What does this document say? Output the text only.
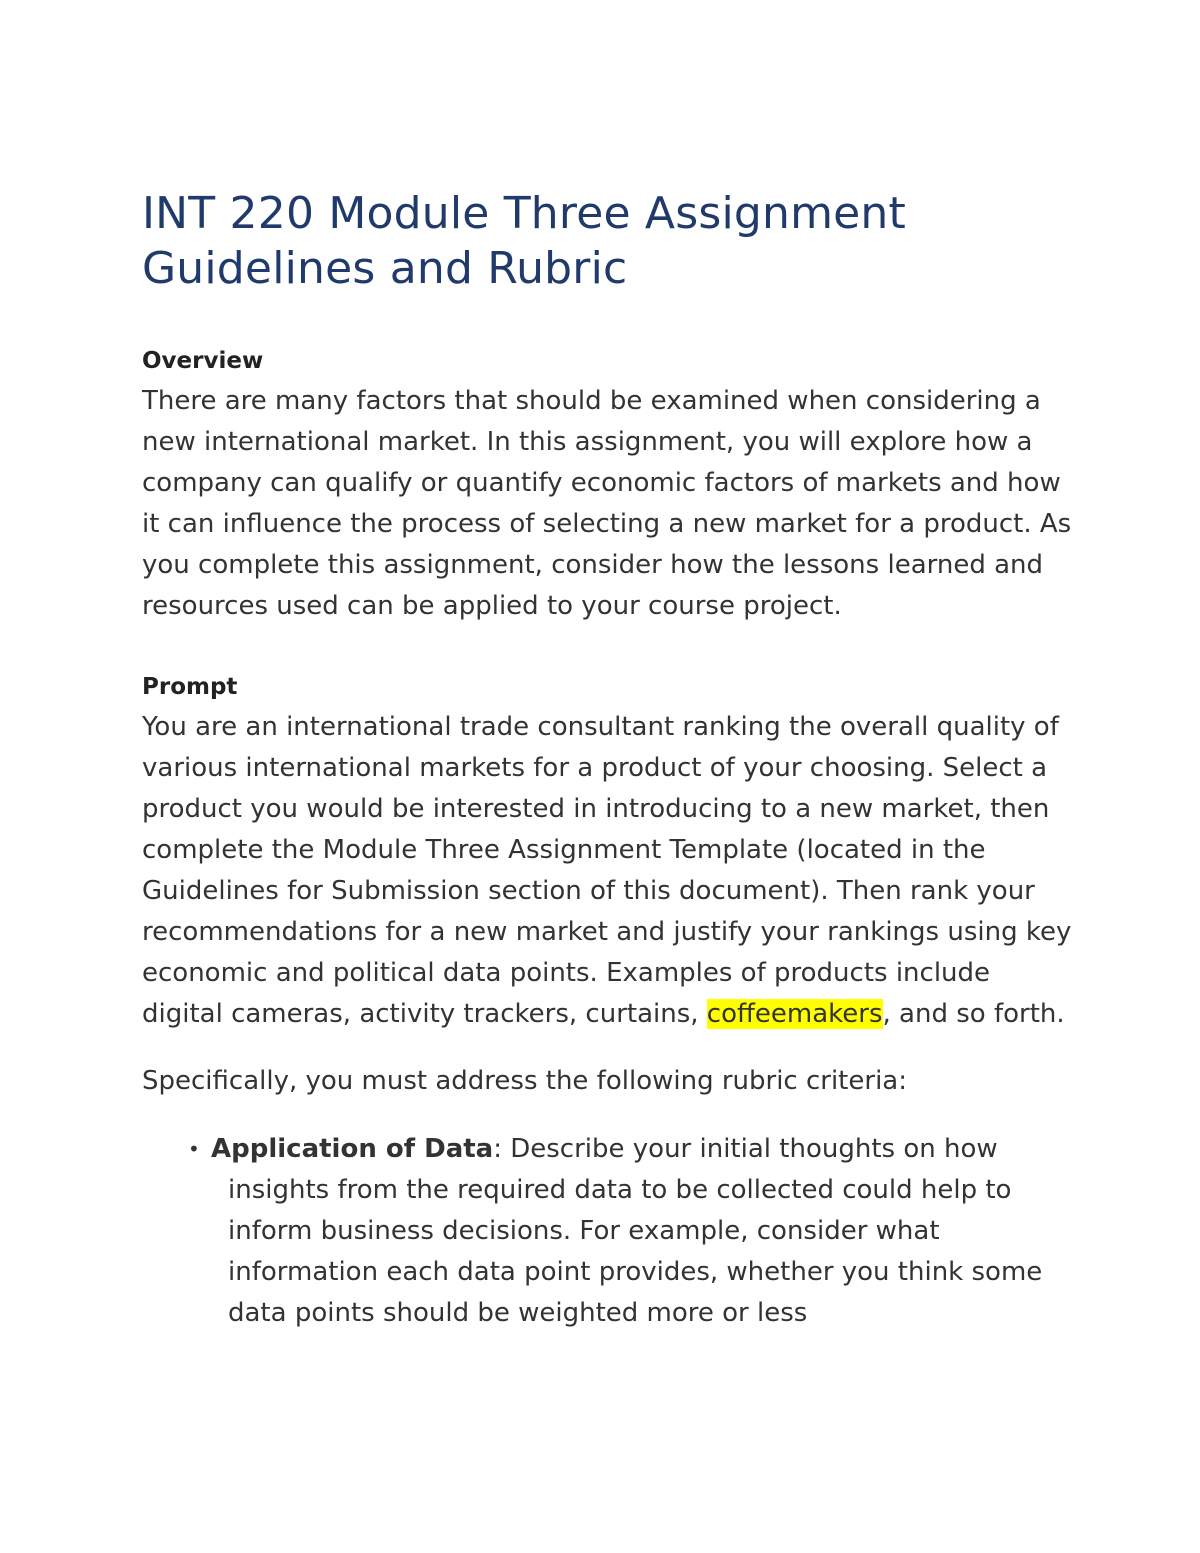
INT 220 Module Three Assignment Guidelines and Rubric

Overview

There are many factors that should be examined when considering a new international market. In this assignment, you will explore how a company can qualify or quantify economic factors of markets and how it can influence the process of selecting a new market for a product. As you complete this assignment, consider how the lessons learned and resources used can be applied to your course project.

Prompt

You are an international trade consultant ranking the overall quality of various international markets for a product of your choosing. Select a product you would be interested in introducing to a new market, then complete the Module Three Assignment Template (located in the Guidelines for Submission section of this document). Then rank your recommendations for a new market and justify your rankings using key economic and political data points. Examples of products include digital cameras, activity trackers, curtains, coffeemakers, and so forth.

Specifically, you must address the following rubric criteria:

• Application of Data: Describe your initial thoughts on how insights from the required data to be collected could help to inform business decisions. For example, consider what information each data point provides, whether you think some data points should be weighted more or less
